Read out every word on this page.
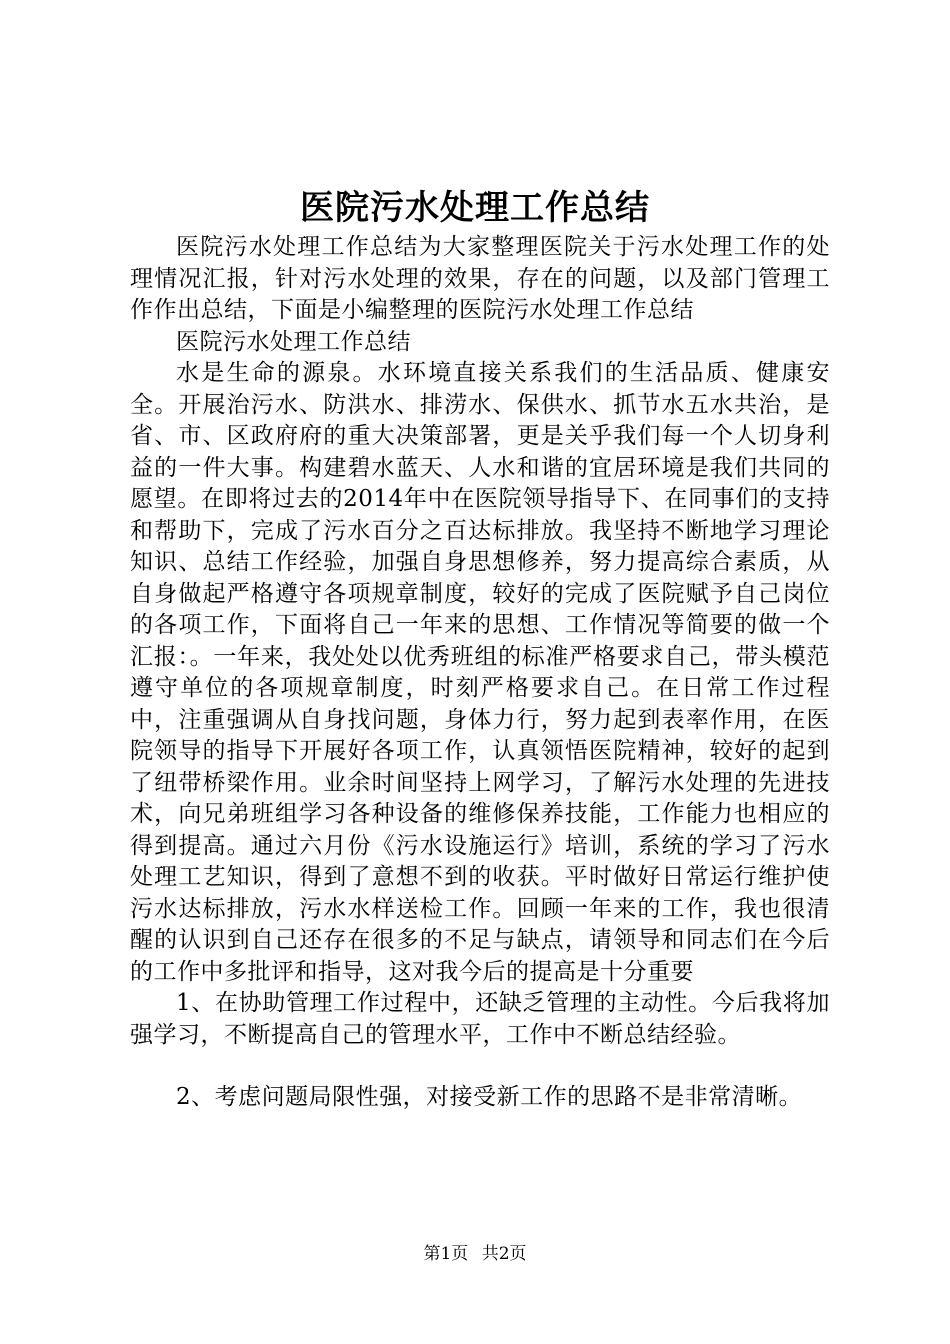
医院污水处理工作总结

医院污水处理工作总结为大家整理医院关于污水处理工作的处理情况汇报，针对污水处理的效果，存在的问题，以及部门管理工作作出总结，下面是小编整理的医院污水处理工作总结

医院污水处理工作总结

水是生命的源泉。水环境直接关系我们的生活品质、健康安全。开展治污水、防洪水、排涝水、保供水、抓节水五水共治，是省、市、区政府府的重大决策部署，更是关乎我们每一个人切身利益的一件大事。构建碧水蓝天、人水和谐的宜居环境是我们共同的愿望。在即将过去的2014年中在医院领导指导下、在同事们的支持和帮助下，完成了污水百分之百达标排放。我坚持不断地学习理论知识、总结工作经验，加强自身思想修养，努力提高综合素质，从自身做起严格遵守各项规章制度，较好的完成了医院赋予自己岗位的各项工作，下面将自己一年来的思想、工作情况等简要的做一个汇报：。一年来，我处处以优秀班组的标准严格要求自己，带头模范遵守单位的各项规章制度，时刻严格要求自己。在日常工作过程中，注重强调从自身找问题，身体力行，努力起到表率作用，在医院领导的指导下开展好各项工作，认真领悟医院精神，较好的起到了纽带桥梁作用。业余时间坚持上网学习，了解污水处理的先进技术，向兄弟班组学习各种设备的维修保养技能，工作能力也相应的得到提高。通过六月份《污水设施运行》培训，系统的学习了污水处理工艺知识，得到了意想不到的收获。平时做好日常运行维护使污水达标排放，污水水样送检工作。回顾一年来的工作，我也很清醒的认识到自己还存在很多的不足与缺点，请领导和同志们在今后的工作中多批评和指导，这对我今后的提高是十分重要

1、在协助管理工作过程中，还缺乏管理的主动性。今后我将加强学习，不断提高自己的管理水平，工作中不断总结经验。

2、考虑问题局限性强，对接受新工作的思路不是非常清晰。

第1页 共2页
